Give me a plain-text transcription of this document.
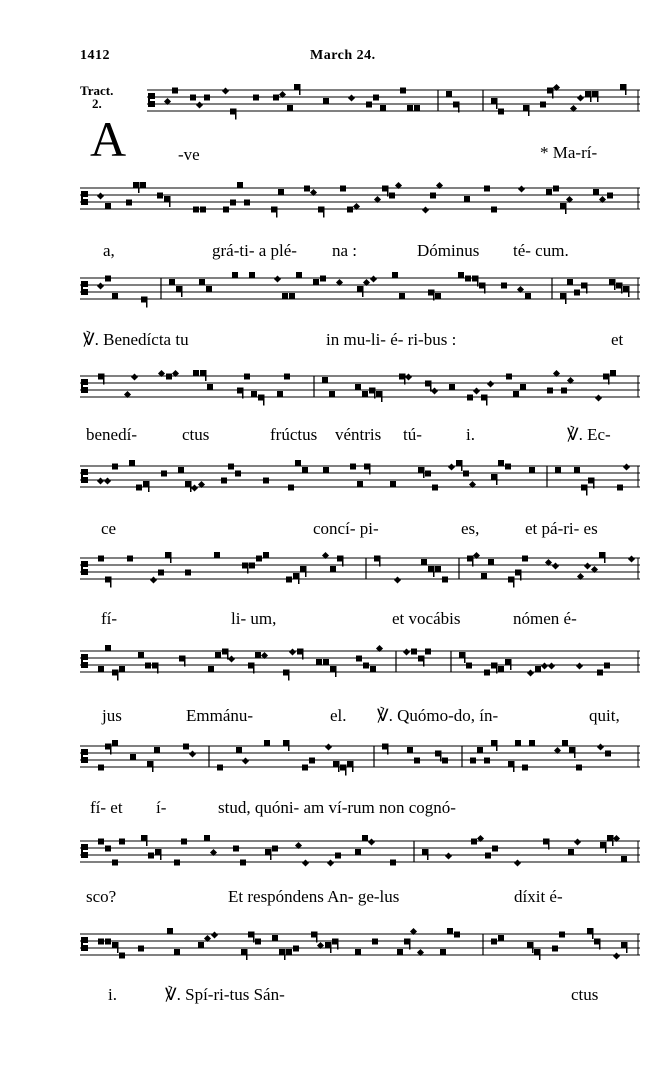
1412	March 24.
Tract.
2.
A	-ve	* Ma-rí-
a,	grá-ti- a plé- na :	Dóminus té- cum.
℣. Benedícta tu	in mu-li- é- ri-bus :	et
benedí-	ctus	frúctus véntris tú-	i.	℣. Ec-
ce	concí- pi-	es,	et pá-ri- es
fí-	li- um,	et vocábis	nómen é-
jus	Emmánu-	el. ℣. Quómo-do, ín-	quit,
fí- et í-	stud, quóni- am ví-rum non cognó-
sco?	Et respóndens An- ge-lus	díxit é-
i.	℣. Spí-ri-tus Sán-	ctus
